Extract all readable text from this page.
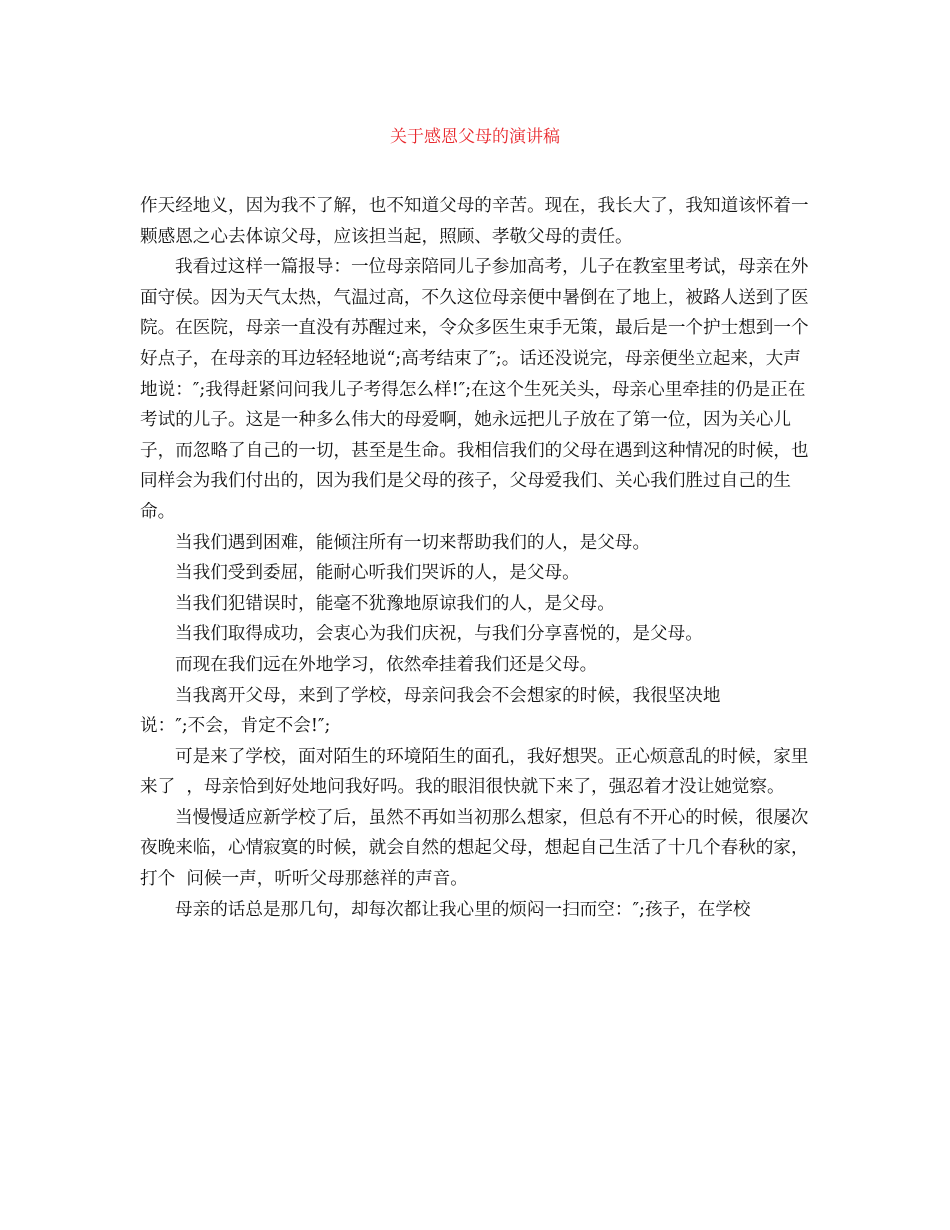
关于感恩父母的演讲稿

作天经地义，因为我不了解，也不知道父母的辛苦。现在，我长大了，我知道该怀着一颗感恩之心去体谅父母，应该担当起，照顾、孝敬父母的责任。

我看过这样一篇报导：一位母亲陪同儿子参加高考，儿子在教室里考试，母亲在外面守侯。因为天气太热，气温过高，不久这位母亲便中暑倒在了地上，被路人送到了医院。在医院，母亲一直没有苏醒过来，令众多医生束手无策，最后是一个护士想到一个好点子，在母亲的耳边轻轻地说“;高考结束了″;。话还没说完，母亲便坐立起来，大声地说：″;我得赶紧问问我儿子考得怎么样!″;在这个生死关头，母亲心里牵挂的仍是正在考试的儿子。这是一种多么伟大的母爱啊，她永远把儿子放在了第一位，因为关心儿子，而忽略了自己的一切，甚至是生命。我相信我们的父母在遇到这种情况的时候，也同样会为我们付出的，因为我们是父母的孩子，父母爱我们、关心我们胜过自己的生命。

当我们遇到困难，能倾注所有一切来帮助我们的人，是父母。

当我们受到委屈，能耐心听我们哭诉的人，是父母。

当我们犯错误时，能毫不犹豫地原谅我们的人，是父母。

当我们取得成功，会衷心为我们庆祝，与我们分享喜悦的，是父母。

而现在我们远在外地学习，依然牵挂着我们还是父母。

当我离开父母，来到了学校，母亲问我会不会想家的时候，我很坚决地

说：″;不会，肯定不会!″;

可是来了学校，面对陌生的环境陌生的面孔，我好想哭。正心烦意乱的时候，家里来了  ，母亲恰到好处地问我好吗。我的眼泪很快就下来了，强忍着才没让她觉察。

当慢慢适应新学校了后，虽然不再如当初那么想家，但总有不开心的时候，很屡次夜晚来临，心情寂寞的时候，就会自然的想起父母，想起自己生活了十几个春秋的家，打个  问候一声，听听父母那慈祥的声音。

母亲的话总是那几句，却每次都让我心里的烦闷一扫而空：″;孩子，在学校
